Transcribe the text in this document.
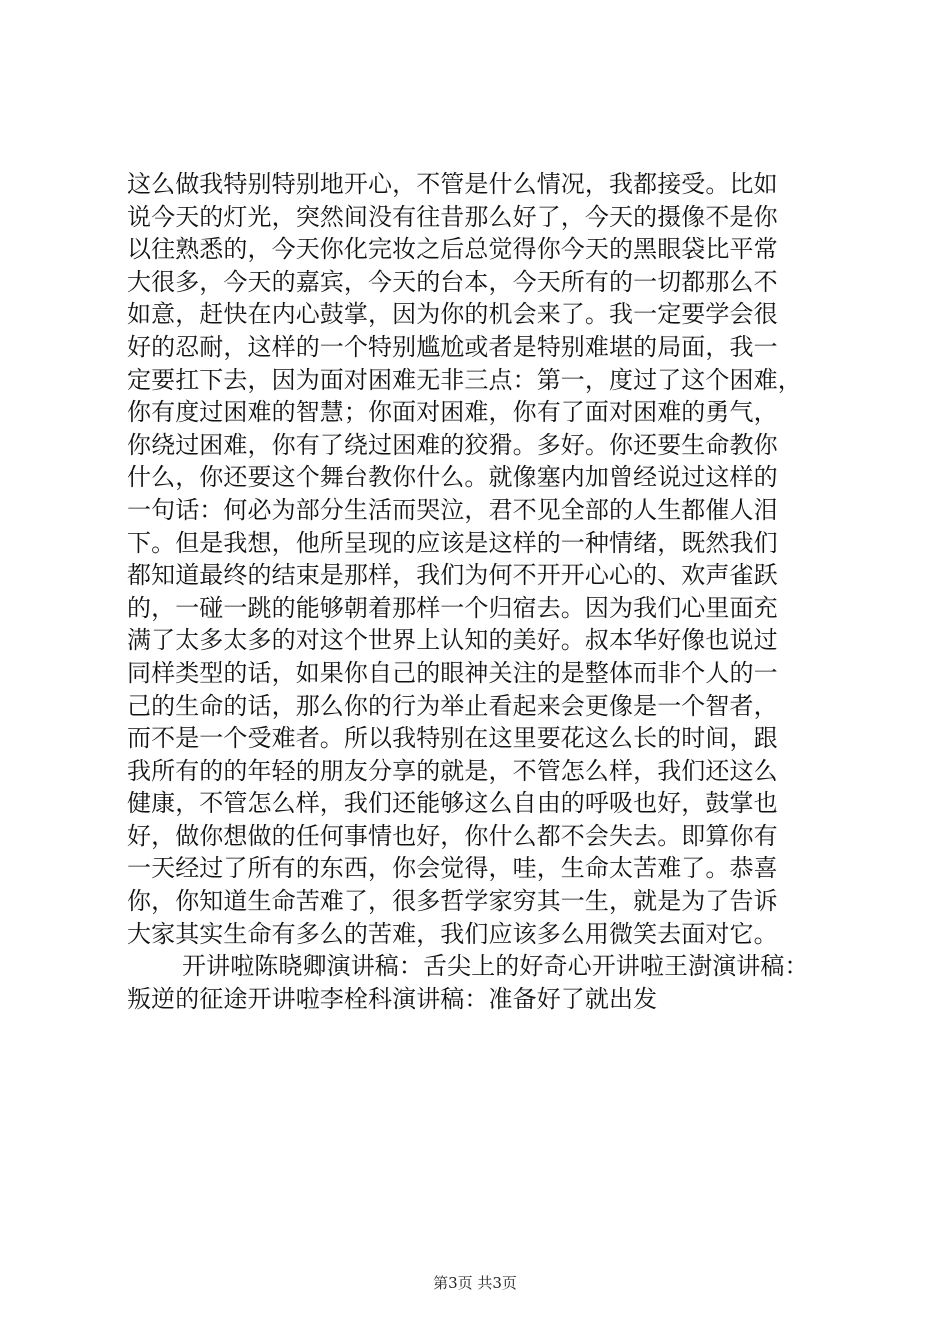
这么做我特别特别地开心，不管是什么情况，我都接受。比如
说今天的灯光，突然间没有往昔那么好了，今天的摄像不是你
以往熟悉的，今天你化完妆之后总觉得你今天的黑眼袋比平常
大很多，今天的嘉宾，今天的台本，今天所有的一切都那么不
如意，赶快在内心鼓掌，因为你的机会来了。我一定要学会很
好的忍耐，这样的一个特别尴尬或者是特别难堪的局面，我一
定要扛下去，因为面对困难无非三点：第一，度过了这个困难，
你有度过困难的智慧；你面对困难，你有了面对困难的勇气，
你绕过困难，你有了绕过困难的狡猾。多好。你还要生命教你
什么，你还要这个舞台教你什么。就像塞内加曾经说过这样的
一句话：何必为部分生活而哭泣，君不见全部的人生都催人泪
下。但是我想，他所呈现的应该是这样的一种情绪，既然我们
都知道最终的结束是那样，我们为何不开开心心的、欢声雀跃
的，一碰一跳的能够朝着那样一个归宿去。因为我们心里面充
满了太多太多的对这个世界上认知的美好。叔本华好像也说过
同样类型的话，如果你自己的眼神关注的是整体而非个人的一
己的生命的话，那么你的行为举止看起来会更像是一个智者，
而不是一个受难者。所以我特别在这里要花这么长的时间，跟
我所有的的年轻的朋友分享的就是，不管怎么样，我们还这么
健康，不管怎么样，我们还能够这么自由的呼吸也好，鼓掌也
好，做你想做的任何事情也好，你什么都不会失去。即算你有
一天经过了所有的东西，你会觉得，哇，生命太苦难了。恭喜
你，你知道生命苦难了，很多哲学家穷其一生，就是为了告诉
大家其实生命有多么的苦难，我们应该多么用微笑去面对它。
开讲啦陈晓卿演讲稿：舌尖上的好奇心开讲啦王澍演讲稿：
叛逆的征途开讲啦李栓科演讲稿：准备好了就出发
第3页 共3页
